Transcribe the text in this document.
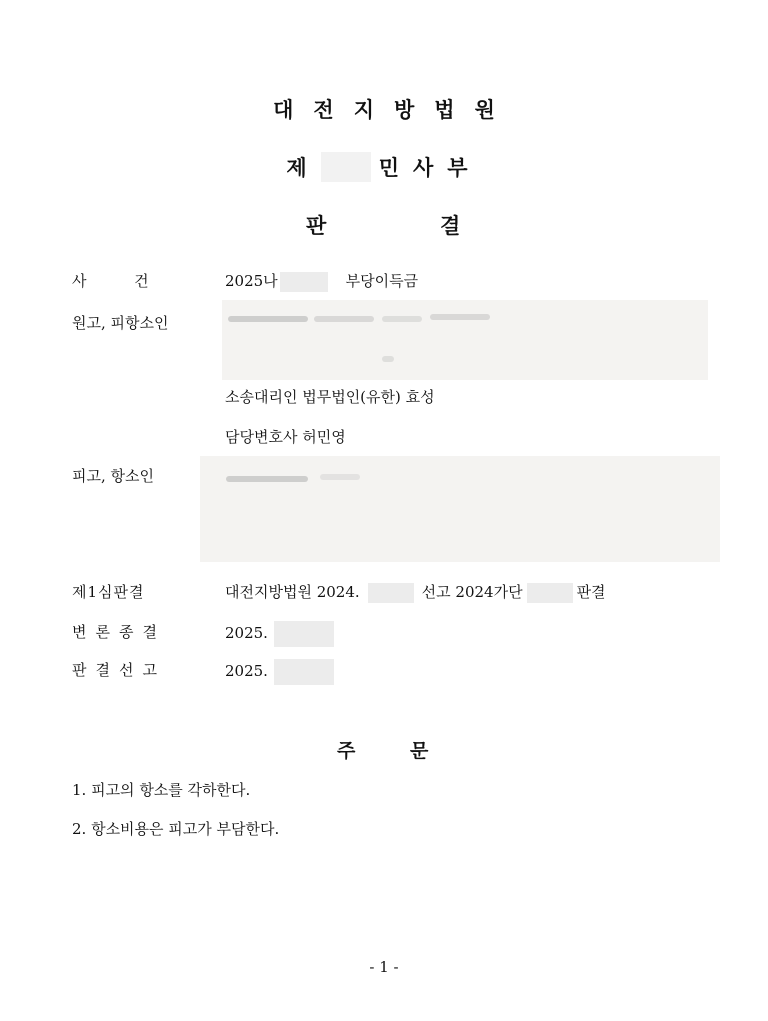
대전지방법원
제	민사부
판	결
사          건	2025나	부당이득금
원고, 피항소인
소송대리인 법무법인(유한) 효성
담당변호사 허민영
피고, 항소인
제1심판결	대전지방법원 2024.	선고 2024가단	판결
변론종결	2025.
판결선고	2025.
주	문
1. 피고의 항소를 각하한다.
2. 항소비용은 피고가 부담한다.
- 1 -
